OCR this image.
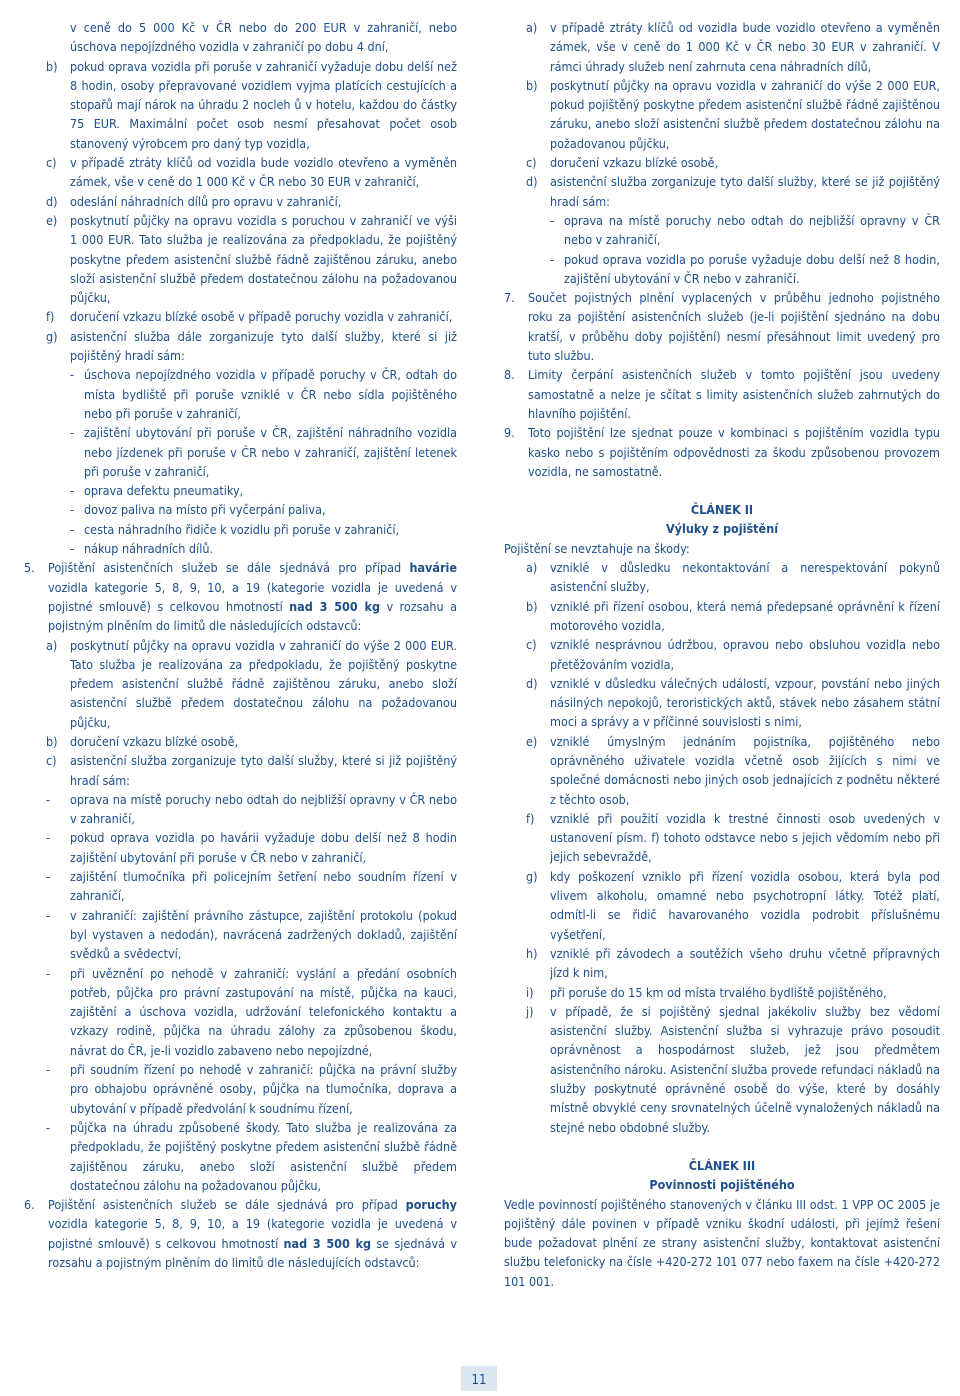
v ceně do 5 000 Kč v ČR nebo do 200 EUR v zahraničí, nebo úschova nepojízdného vozidla v zahraničí po dobu 4 dní,

b) pokud oprava vozidla při poruše v zahraničí vyžaduje dobu delší než 8 hodin, osoby přepravované vozidlem vyjma platících cestujících a stopařů mají nárok na úhradu 2 nocleh ů v hotelu, každou do částky 75 EUR. Maximální počet osob nesmí přesahovat počet osob stanovený výrobcem pro daný typ vozidla,
c)	v případě ztráty klíčů od vozidla bude vozidlo otevřeno a vyměněn zámek, vše v ceně do 1 000 Kč v ČR nebo 30 EUR v zahraničí,
d) odeslání náhradních dílů pro opravu v zahraničí,
e)	poskytnutí půjčky na opravu vozidla s poruchou v zahraničí ve výši 1 000 EUR. Tato služba je realizována za předpokladu, že pojištěný poskytne předem asistenční službě řádně zajištěnou záruku, anebo složí asistenční službě předem dostatečnou zálohu na požadovanou půjčku,
f)	doručení vzkazu blízké osobě v případě poruchy vozidla v zahraničí,
g) asistenční služba dále zorganizuje tyto další služby, které si již pojištěný hradí sám:
- úschova nepojízdného vozidla v případě poruchy v ČR, odtah do místa bydliště při poruše vzniklé v ČR nebo sídla pojištěného nebo při poruše v zahraničí,
- zajištění ubytování při poruše v ČR, zajištění náhradního vozidla nebo jízdenek při poruše v ČR nebo v zahraničí, zajištění letenek při poruše v zahraničí,
- oprava defektu pneumatiky,
- dovoz paliva na místo při vyčerpání paliva,
- cesta náhradního řidiče k vozidlu při poruše v zahraničí,
- nákup náhradních dílů.
5.	Pojištění asistenčních služeb se dále sjednává pro případ havárie vozidla kategorie 5, 8, 9, 10, a 19 (kategorie vozidla je uvedená v pojistné smlouvě) s celkovou hmotností nad 3 500 kg v rozsahu a pojistným plněním do limitů dle následujících odstavců:
a)	poskytnutí půjčky na opravu vozidla v zahraničí do výše 2 000 EUR. Tato služba je realizována za předpokladu, že pojištěný poskytne předem asistenční službě řádně zajištěnou záruku, anebo složí asistenční službě předem dostatečnou zálohu na požadovanou půjčku,
b) doručení vzkazu blízké osobě,
c)	asistenční služba zorganizuje tyto další služby, které si již pojištěný hradí sám:
-	oprava na místě poruchy nebo odtah do nejbližší opravny v ČR nebo v zahraničí,
-	pokud oprava vozidla po havárii vyžaduje dobu delší než 8 hodin zajištění ubytování při poruše v ČR nebo v zahraničí,
-	zajištění tlumočníka při policejním šetření nebo soudním řízení v zahraničí,
-	v zahraničí: zajištění právního zástupce, zajištění protokolu (pokud byl vystaven a nedodán), navrácená zadržených dokladů, zajištění svědků a svědectví,
-	při uvěznění po nehodě v zahraničí: vyslání a předání osobních potřeb, půjčka pro právní zastupování na místě, půjčka na kauci, zajištění a úschova vozidla, udržování telefonického kontaktu a vzkazy rodině, půjčka na úhradu zálohy za způsobenou škodu, návrat do ČR, je-li vozidlo zabaveno nebo nepojízdné,
-	při soudním řízení po nehodě v zahraničí: půjčka na právní služby pro obhajobu oprávněné osoby, půjčka na tlumočníka, doprava a ubytování v případě předvolání k soudnímu řízení,
-	půjčka na úhradu způsobené škody. Tato služba je realizována za předpokladu, že pojištěný poskytne předem asistenční službě řádně zajištěnou záruku, anebo složí asistenční službě předem dostatečnou zálohu na požadovanou půjčku,
6.	Pojištění asistenčních služeb se dále sjednává pro případ poruchy vozidla kategorie 5, 8, 9, 10, a 19 (kategorie vozidla je uvedená v pojistné smlouvě) s celkovou hmotností nad 3 500 kg se sjednává v rozsahu a pojistným plněním do limitů dle následujících odstavců:
a)	v případě ztráty klíčů od vozidla bude vozidlo otevřeno a vyměněn zámek, vše v ceně do 1 000 Kč v ČR nebo 30 EUR v zahraničí. V rámci úhrady služeb není zahrnuta cena náhradních dílů,
b) poskytnutí půjčky na opravu vozidla v zahraničí do výše 2 000 EUR, pokud pojištěný poskytne předem asistenční službě řádně zajištěnou záruku, anebo složí asistenční službě předem dostatečnou zálohu na požadovanou půjčku,
c)	doručení vzkazu blízké osobě,
d) asistenční služba zorganizuje tyto další služby, které se již pojištěný hradí sám:
- oprava na místě poruchy nebo odtah do nejbližší opravny v ČR nebo v zahraničí,
- pokud oprava vozidla po poruše vyžaduje dobu delší než 8 hodin, zajištění ubytování v ČR nebo v zahraničí.
7.	Součet pojistných plnění vyplacených v průběhu jednoho pojistného roku za pojištění asistenčních služeb (je-li pojištění sjednáno na dobu kratší, v průběhu doby pojištění) nesmí přesáhnout limit uvedený pro tuto službu.
8.	Limity čerpání asistenčních služeb v tomto pojištění jsou uvedeny samostatně a nelze je sčítat s limity asistenčních služeb zahrnutých do hlavního pojištění.
9.	Toto pojištění lze sjednat pouze v kombinaci s pojištěním vozidla typu kasko nebo s pojištěním odpovědnosti za škodu způsobenou provozem vozidla, ne samostatně.

ČLÁNEK II

Výluky z pojištění

Pojištění se nevztahuje na škody:

a)	vzniklé v důsledku nekontaktování a nerespektování pokynů asistenční služby,
b) vzniklé při řízení osobou, která nemá předepsané oprávnění k řízení motorového vozidla,
c)	vzniklé nesprávnou údržbou, opravou nebo obsluhou vozidla nebo přetěžováním vozidla,
d) vzniklé v důsledku válečných událostí, vzpour, povstání nebo jiných násilných nepokojů, teroristických aktů, stávek nebo zásahem státní moci a správy a v příčinné souvislosti s nimi,
e)	vzniklé úmyslným jednáním pojistníka, pojištěného nebo oprávněného uživatele vozidla včetně osob žijících s nimi ve společné domácnosti nebo jiných osob jednajících z podnětu některé z těchto osob,
f)	vzniklé při použití vozidla k trestné činnosti osob uvedených v ustanovení písm. f) tohoto odstavce nebo s jejich vědomím nebo při jejich sebevraždě,
g) kdy poškození vzniklo při řízení vozidla osobou, která byla pod vlivem alkoholu, omamné nebo psychotropní látky. Totéž platí, odmítl-li se řidič havarovaného vozidla podrobit příslušnému vyšetření,
h) vzniklé při závodech a soutěžích všeho druhu včetně přípravných jízd k nim,
i)	při poruše do 15 km od místa trvalého bydliště pojištěného,
j)	v případě, že si pojištěný sjednal jakékoliv služby bez vědomí asistenční služby. Asistenční služba si vyhrazuje právo posoudit oprávněnost a hospodárnost služeb, jež jsou předmětem asistenčního nároku. Asistenční služba provede refundaci nákladů na služby poskytnuté oprávněné osobě do výše, které by dosáhly místně obvyklé ceny srovnatelných účelně vynaložených nákladů na stejné nebo obdobné služby.

ČLÁNEK III

Povinnosti pojištěného

Vedle povinností pojištěného stanovených v článku III odst. 1 VPP OC 2005 je pojištěný dále povinen v případě vzniku škodní události, při jejímž řešení bude požadovat plnění ze strany asistenční služby, kontaktovat asistenční službu telefonicky na čísle +420-272 101 077 nebo faxem na čísle +420-272 101 001.

11
